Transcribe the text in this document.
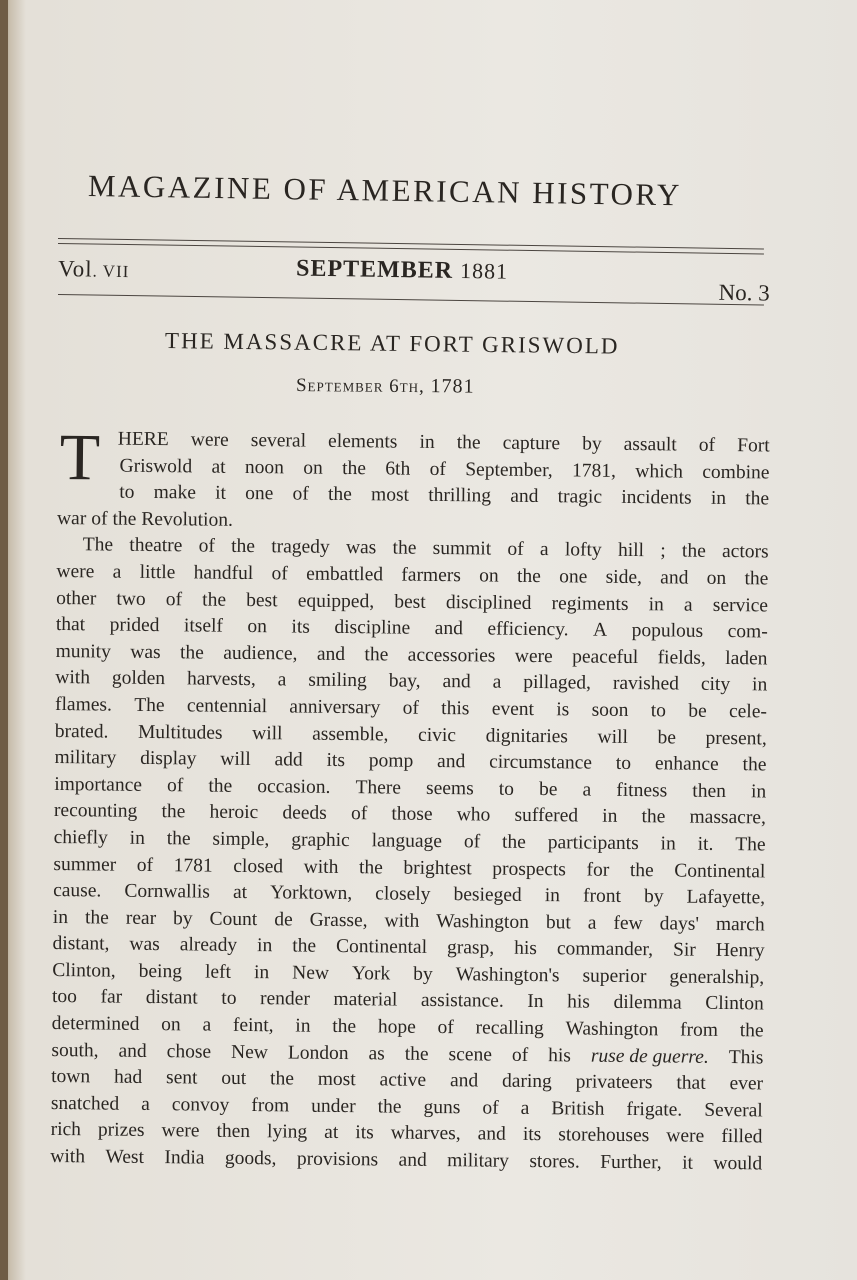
MAGAZINE OF AMERICAN HISTORY
Vol. VII	SEPTEMBER 1881
No. 3
THE MASSACRE AT FORT GRISWOLD
September 6th, 1781
T HERE were several elements in the capture by assault of Fort
Griswold at noon on the 6th of September, 1781, which combine
to make it one of the most thrilling and tragic incidents in the
war of the Revolution.
The theatre of the tragedy was the summit of a lofty hill ; the actors
were a little handful of embattled farmers on the one side, and on the
other two of the best equipped, best disciplined regiments in a service
that prided itself on its discipline and efficiency. A populous com-
munity was the audience, and the accessories were peaceful fields, laden
with golden harvests, a smiling bay, and a pillaged, ravished city in
flames. The centennial anniversary of this event is soon to be cele-
brated. Multitudes will assemble, civic dignitaries will be present,
military display will add its pomp and circumstance to enhance the
importance of the occasion. There seems to be a fitness then in
recounting the heroic deeds of those who suffered in the massacre,
chiefly in the simple, graphic language of the participants in it. The
summer of 1781 closed with the brightest prospects for the Continental
cause. Cornwallis at Yorktown, closely besieged in front by Lafayette,
in the rear by Count de Grasse, with Washington but a few days' march
distant, was already in the Continental grasp, his commander, Sir Henry
Clinton, being left in New York by Washington's superior generalship,
too far distant to render material assistance. In his dilemma Clinton
determined on a feint, in the hope of recalling Washington from the
south, and chose New London as the scene of his ruse de guerre. This
town had sent out the most active and daring privateers that ever
snatched a convoy from under the guns of a British frigate. Several
rich prizes were then lying at its wharves, and its storehouses were filled
with West India goods, provisions and military stores. Further, it would
